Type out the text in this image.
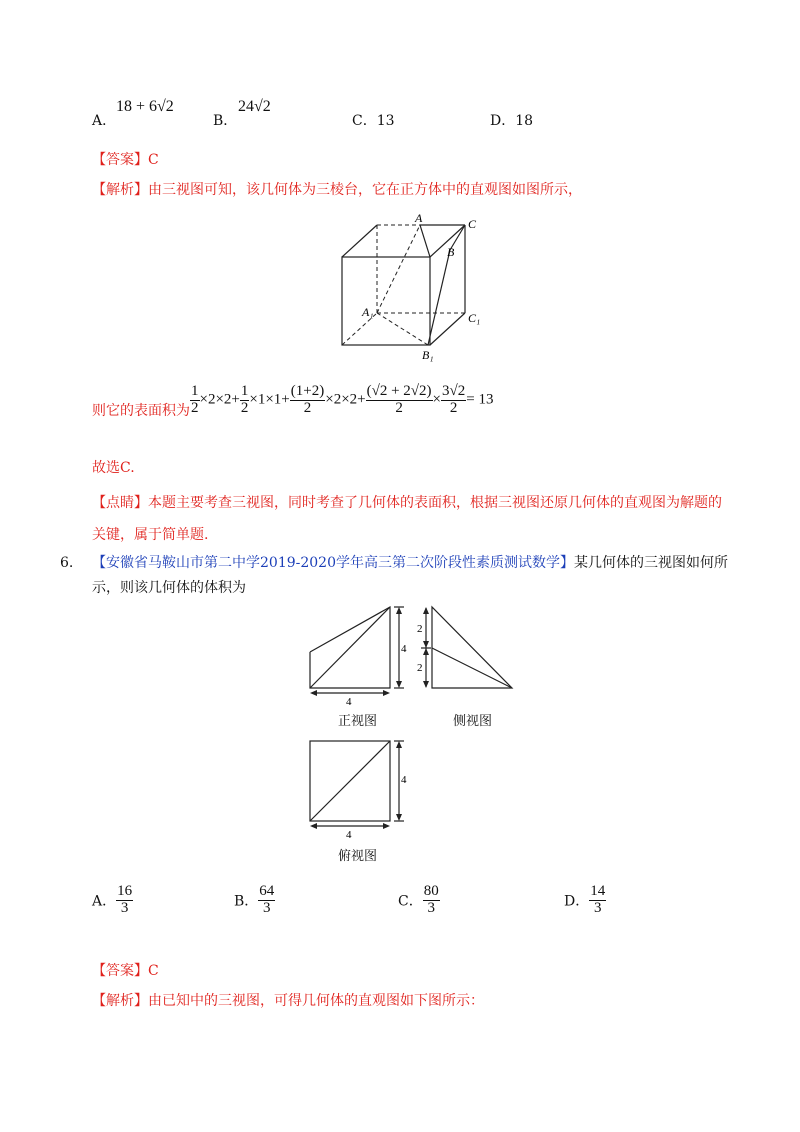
A．
18 + 6√2
B．
24√2
C．13	D．18
【答案】C
【解析】由三视图可知，该几何体为三棱台，它在正方体中的直观图如图所示，
A	C
B
A₁	C₁
B₁
则它的表面积为 $\frac{1}{2} \times 2\times 2+ \frac{1}{2} \times 1\times 1+ \frac{(1+2)}{2} \times 2\times 2+ \frac{(√2 + 2√2)}{2} \times \frac{3√2}{2} = 13$
故选C.
【点睛】本题主要考查三视图，同时考查了几何体的表面积，根据三视图还原几何体的直观图为解题的关键，属于简单题.
6. 【安徽省马鞍山市第二中学2019-2020学年高三第二次阶段性素质测试数学】某几何体的三视图如何所
示，则该几何体的体积为
4
4
正视图
2
2
侧视图
4
4
俯视图
A． $\frac{16}{3}$	B． $\frac{64}{3}$	C． $\frac{80}{3}$	D． $\frac{14}{3}$
【答案】C
【解析】由已知中的三视图，可得几何体的直观图如下图所示：
